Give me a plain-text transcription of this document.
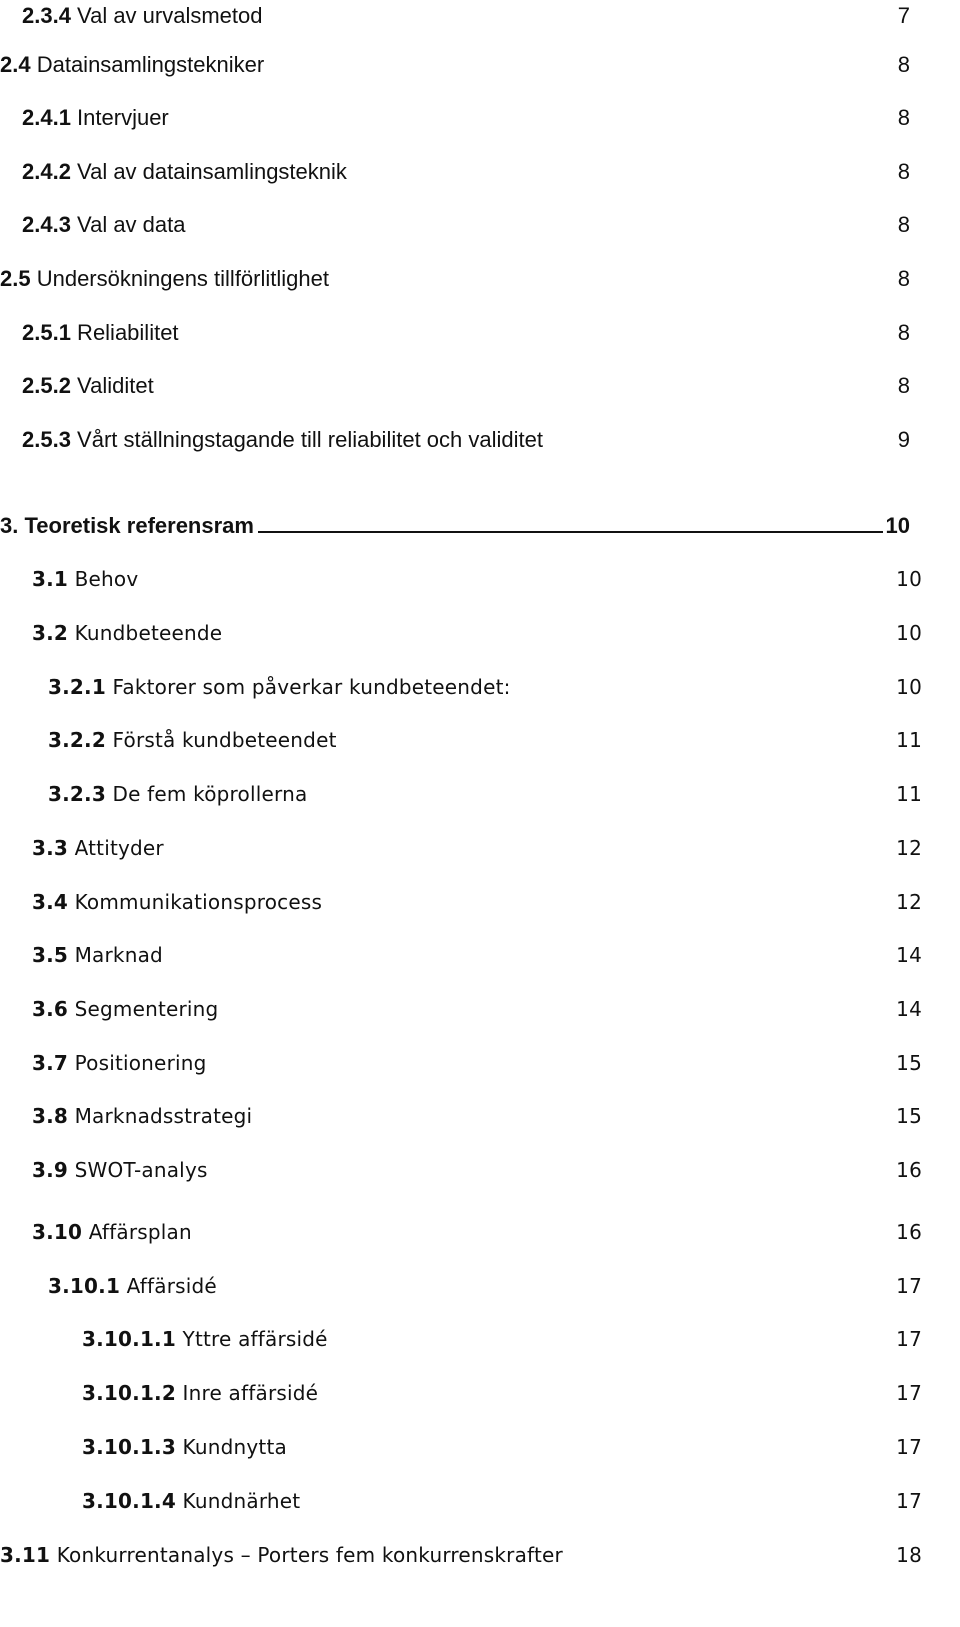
2.3.4 Val av urvalsmetod	7
2.4 Datainsamlingstekniker	8
2.4.1 Intervjuer	8
2.4.2 Val av datainsamlingsteknik	8
2.4.3 Val av data	8
2.5 Undersökningens tillförlitlighet	8
2.5.1 Reliabilitet	8
2.5.2 Validitet	8
2.5.3 Vårt ställningstagande till reliabilitet och validitet	9
3. Teoretisk referensram	10
3.1 Behov	10
3.2 Kundbeteende	10
3.2.1 Faktorer som påverkar kundbeteendet:	10
3.2.2 Förstå kundbeteendet	11
3.2.3 De fem köprollerna	11
3.3 Attityder	12
3.4 Kommunikationsprocess	12
3.5 Marknad	14
3.6 Segmentering	14
3.7 Positionering	15
3.8 Marknadsstrategi	15
3.9 SWOT-analys	16
3.10 Affärsplan	16
3.10.1 Affärsidé	17
3.10.1.1 Yttre affärsidé	17
3.10.1.2 Inre affärsidé	17
3.10.1.3 Kundnytta	17
3.10.1.4 Kundnärhet	17
3.11 Konkurrentanalys – Porters fem konkurrenskrafter	18
